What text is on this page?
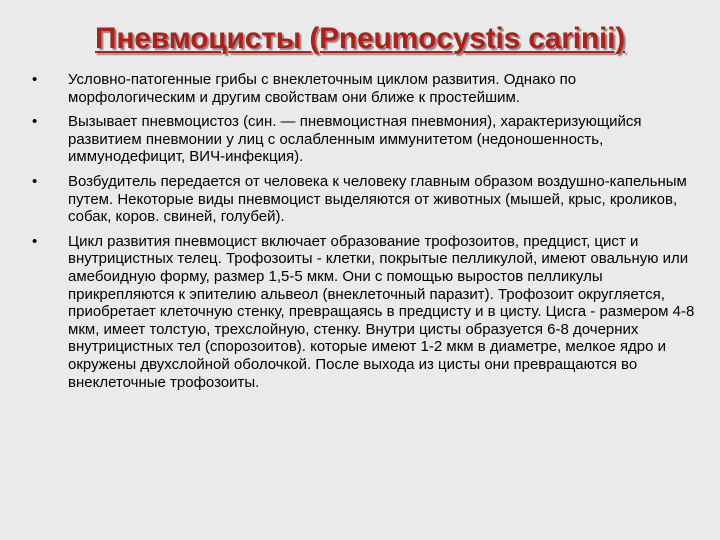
Пневмоцисты (Pneumocystis carinii)
• Условно-патогенные грибы с внеклеточным циклом развития. Однако по морфологическим и другим свойствам они ближе к простейшим.
• Вызывает пневмоцистоз (син. — пневмоцистная пневмония), характеризующийся развитием пневмонии у лиц с ослабленным иммунитетом (недоношенность, иммунодефицит, ВИЧ-инфекция).
• Возбудитель передается от человека к человеку главным образом воздушно-капельным путем. Некоторые виды пневмоцист выделяются от животных (мышей, крыс, кроликов, собак, коров. свиней, голубей).
• Цикл развития пневмоцист включает образование трофозоитов, предцист, цист и внутрицистных телец. Трофозоиты - клетки, покрытые пелликулой, имеют овальную или амебоидную форму, размер 1,5-5 мкм. Они с помощью выростов пелликулы прикрепляются к эпителию альвеол (внеклеточный паразит). Трофозоит округляется, приобретает клеточную стенку, превращаясь в предцисту и в цисту. Цисга - размером 4-8 мкм, имеет толстую, трехслойную, стенку. Внутри цисты образуется 6-8 дочерних внутрицистных тел (спорозоитов). которые имеют 1-2 мкм в диаметре, мелкое ядро и окружены двухслойной оболочкой. После выхода из цисты они превращаются во внеклеточные трофозоиты.
